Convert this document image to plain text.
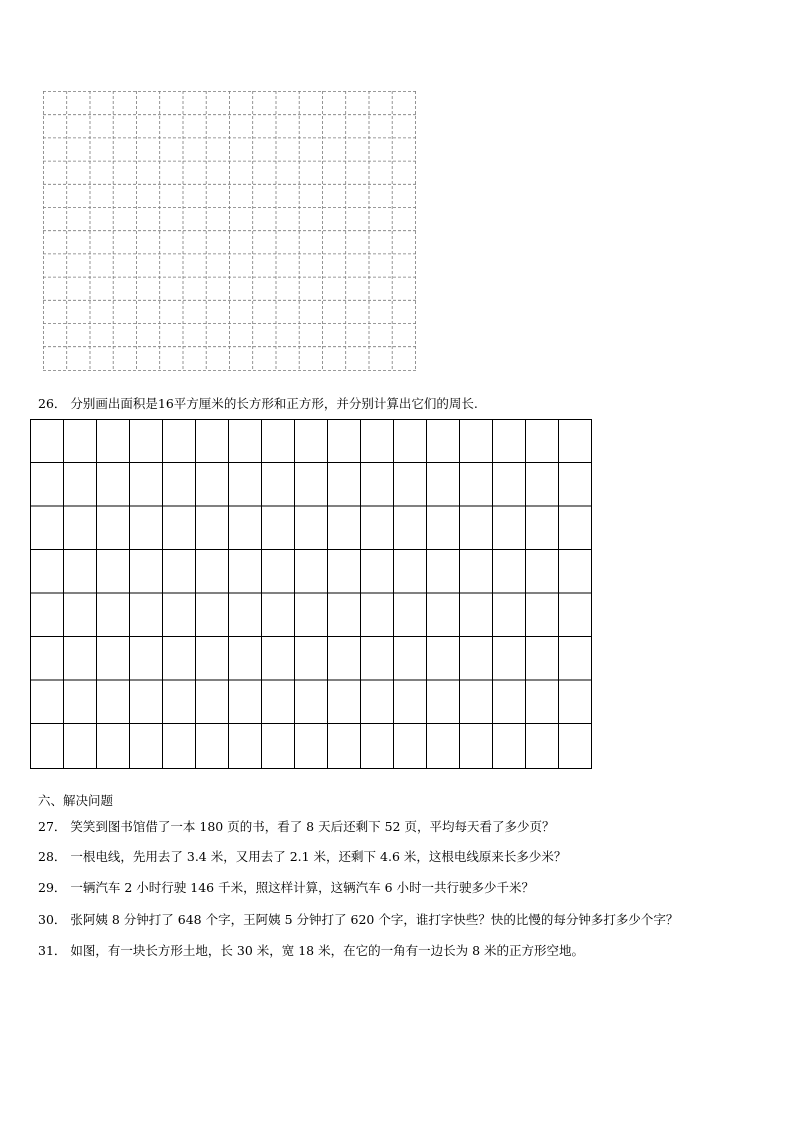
26． 分别画出面积是16平方厘米的长方形和正方形，并分别计算出它们的周长.
六、解决问题
27． 笑笑到图书馆借了一本 180 页的书，看了 8 天后还剩下 52 页，平均每天看了多少页？
28． 一根电线，先用去了 3.4 米，又用去了 2.1 米，还剩下 4.6 米，这根电线原来长多少米？
29． 一辆汽车 2 小时行驶 146 千米，照这样计算，这辆汽车 6 小时一共行驶多少千米？
30． 张阿姨 8 分钟打了 648 个字，王阿姨 5 分钟打了 620 个字，谁打字快些？快的比慢的每分钟多打多少个字？
31． 如图，有一块长方形土地，长 30 米，宽 18 米，在它的一角有一边长为 8 米的正方形空地。
